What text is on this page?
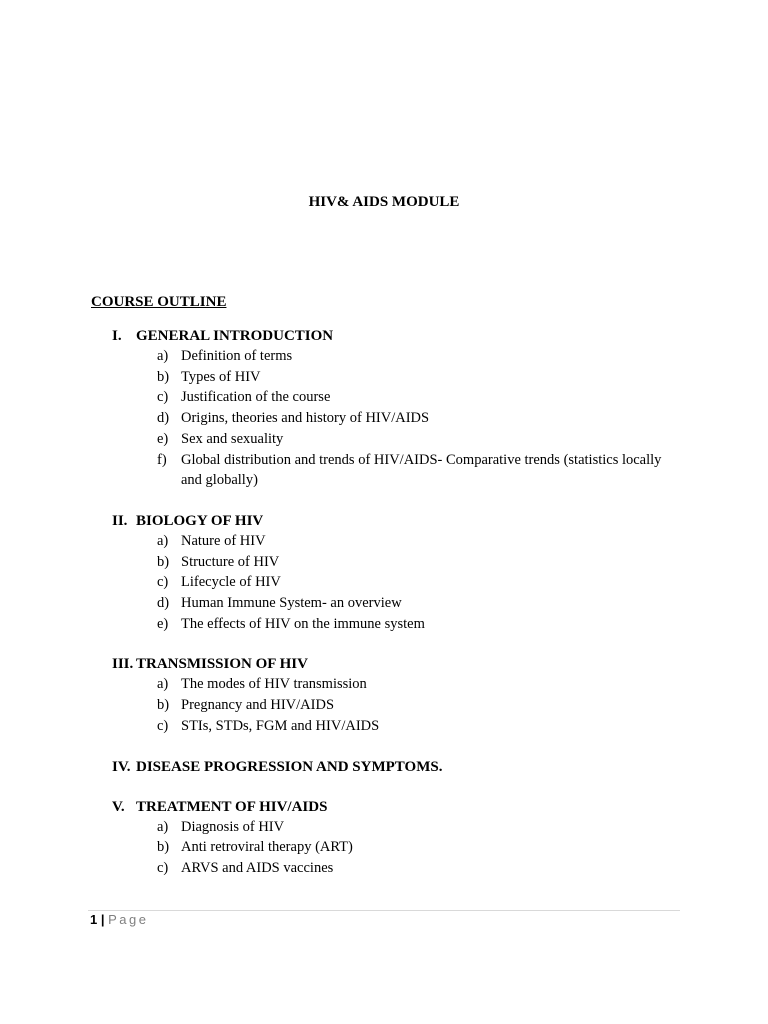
HIV& AIDS MODULE
COURSE OUTLINE
I. GENERAL INTRODUCTION
a) Definition of terms
b) Types of HIV
c) Justification of the course
d) Origins, theories and history of HIV/AIDS
e) Sex and sexuality
f) Global distribution and trends of HIV/AIDS- Comparative trends (statistics locally and globally)
II. BIOLOGY OF HIV
a) Nature of HIV
b) Structure of HIV
c) Lifecycle of HIV
d) Human Immune System- an overview
e) The effects of HIV on the immune system
III. TRANSMISSION OF HIV
a) The modes of HIV transmission
b) Pregnancy and HIV/AIDS
c) STIs, STDs, FGM and HIV/AIDS
IV. DISEASE PROGRESSION AND SYMPTOMS.
V. TREATMENT OF HIV/AIDS
a) Diagnosis of HIV
b) Anti retroviral therapy (ART)
c) ARVS and AIDS vaccines
1 | Page
